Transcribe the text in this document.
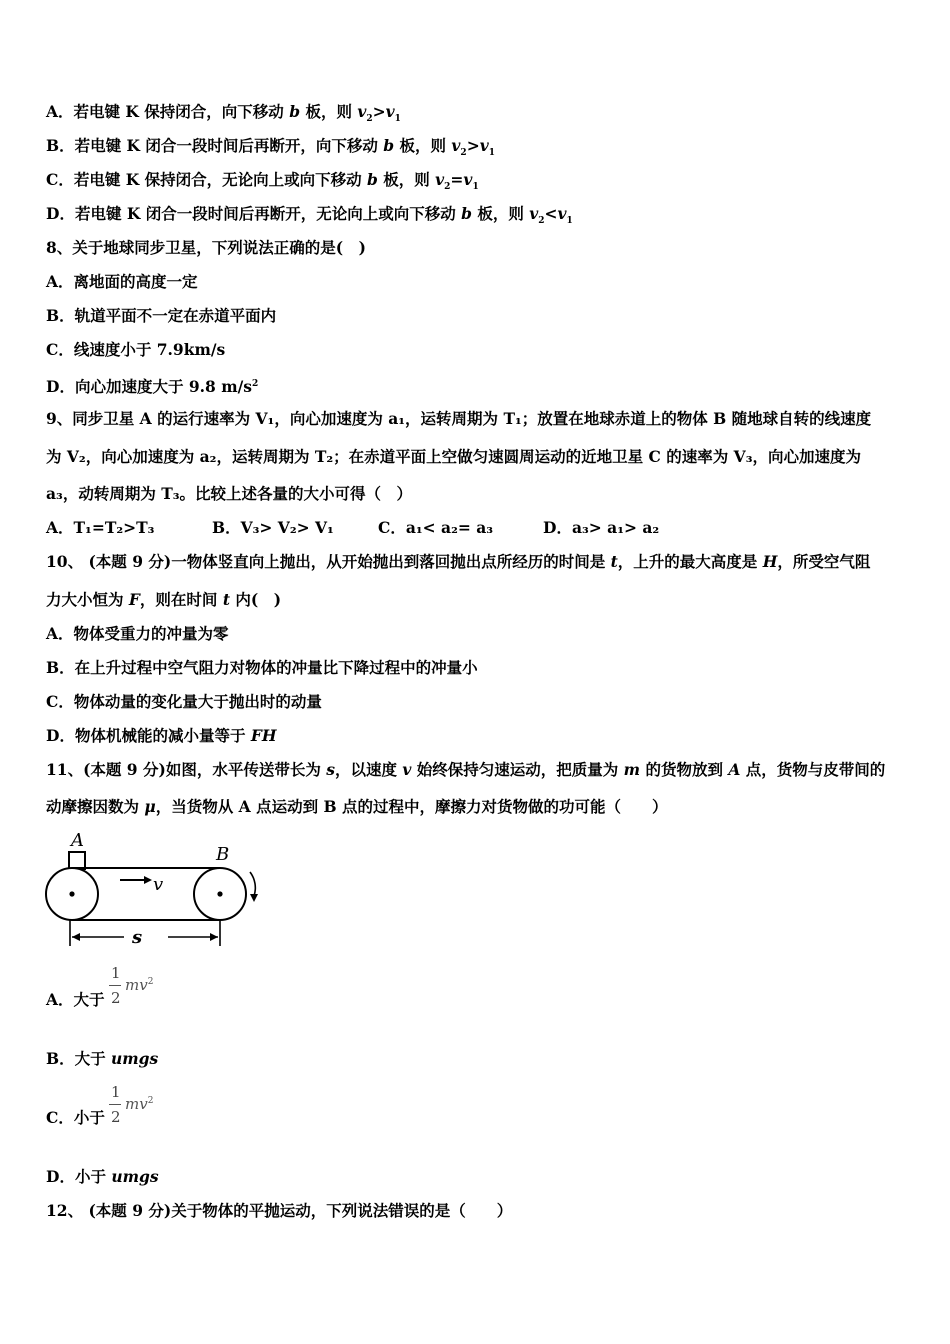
A．若电键 K 保持闭合，向下移动 b 板，则 $v_2>v_1$
B．若电键 K 闭合一段时间后再断开，向下移动 b 板，则 $v_2>v_1$
C．若电键 K 保持闭合，无论向上或向下移动 b 板，则 $v_2=v_1$
D．若电键 K 闭合一段时间后再断开，无论向上或向下移动 b 板，则 $v_2<v_1$
8、关于地球同步卫星，下列说法正确的是(　)
A．离地面的高度一定
B．轨道平面不一定在赤道平面内
C．线速度小于 7.9km/s
D．向心加速度大于 9.8 $m/s^2$
9、同步卫星 A 的运行速率为 V₁，向心加速度为 a₁，运转周期为 T₁；放置在地球赤道上的物体 B 随地球自转的线速度
为 V₂，向心加速度为 a₂，运转周期为 T₂；在赤道平面上空做匀速圆周运动的近地卫星 C 的速率为 V₃，向心加速度为
a₃，动转周期为 T₃。比较上述各量的大小可得（　）
A．T₁=T₂>T₃	B．V₃> V₂> V₁	C．a₁< a₂= a₃	D．a₃> a₁> a₂
10、 (本题 9 分)一物体竖直向上抛出，从开始抛出到落回抛出点所经历的时间是 t，上升的最大高度是 H，所受空气阻
力大小恒为 F，则在时间 t 内(　)
A．物体受重力的冲量为零
B．在上升过程中空气阻力对物体的冲量比下降过程中的冲量小
C．物体动量的变化量大于抛出时的动量
D．物体机械能的减小量等于 FH
11、(本题 9 分)如图，水平传送带长为 s，以速度 v 始终保持匀速运动，把质量为 m 的货物放到 A 点，货物与皮带间的
动摩擦因数为 μ，当货物从 A 点运动到 B 点的过程中，摩擦力对货物做的功可能（　　）
A
B
v
s
A．大于
1
2
$mv^2$
B．大于 umgs
C．小于
1
2
$mv^2$
D．小于 umgs
12、 (本题 9 分)关于物体的平抛运动，下列说法错误的是（　　）
